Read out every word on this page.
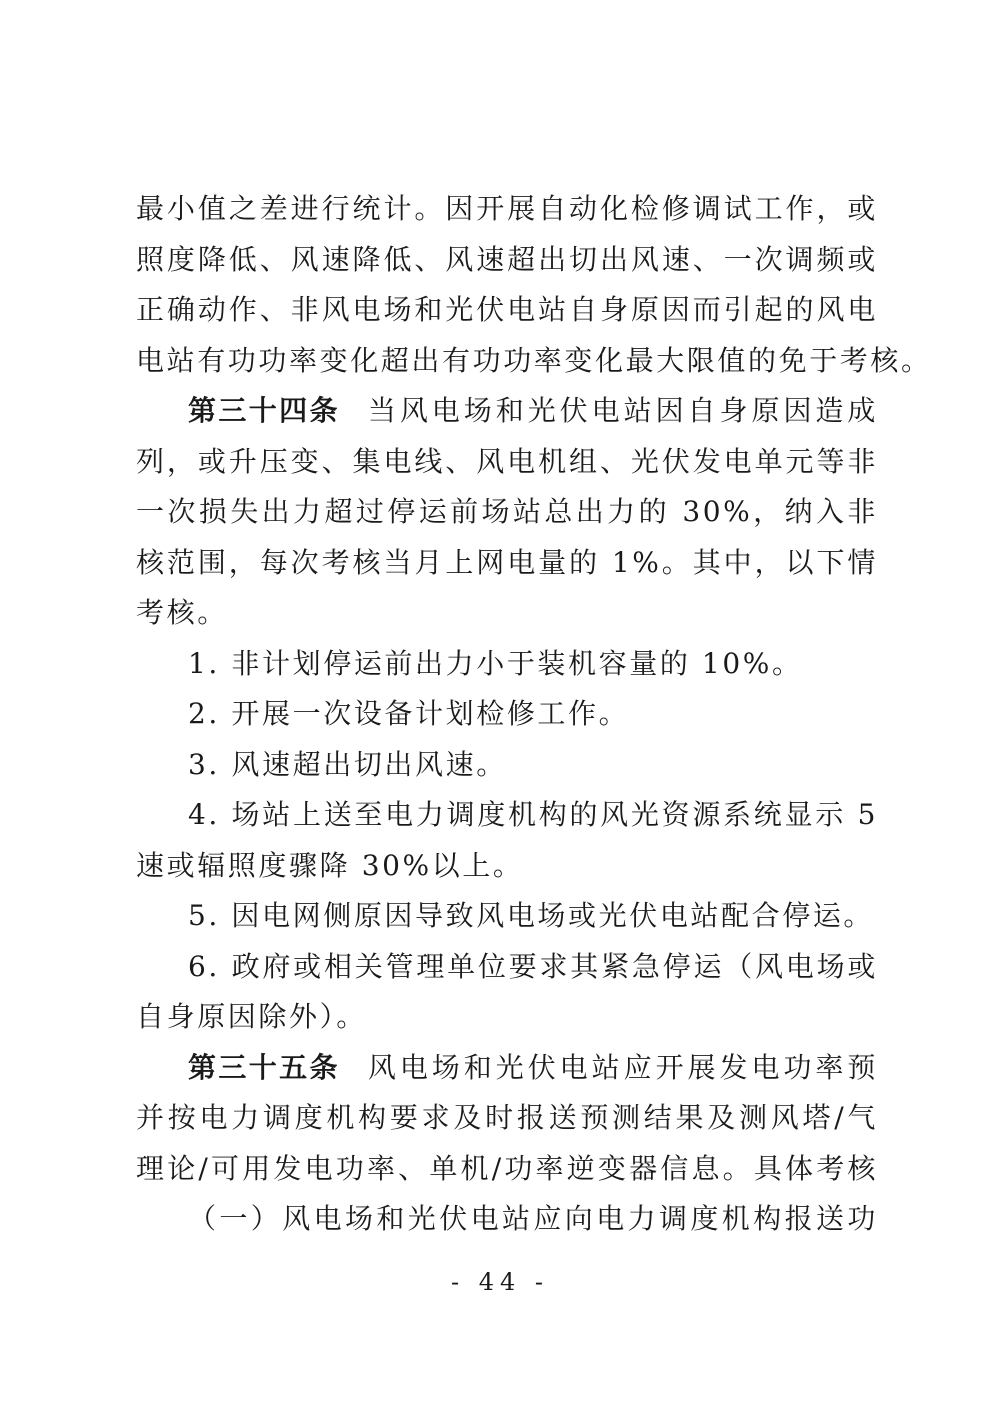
最小值之差进行统计。因开展自动化检修调试工作，或
照度降低、风速降低、风速超出切出风速、一次调频或
正确动作、非风电场和光伏电站自身原因而引起的风电
电站有功功率变化超出有功功率变化最大限值的免于考核。
第三十四条 当风电场和光伏电站因自身原因造成
列，或升压变、集电线、风电机组、光伏发电单元等非
一次损失出力超过停运前场站总出力的 30%，纳入非
核范围，每次考核当月上网电量的 1%。其中，以下情
考核。
1. 非计划停运前出力小于装机容量的 10%。
2. 开展一次设备计划检修工作。
3. 风速超出切出风速。
4. 场站上送至电力调度机构的风光资源系统显示 5
速或辐照度骤降 30%以上。
5. 因电网侧原因导致风电场或光伏电站配合停运。
6. 政府或相关管理单位要求其紧急停运（风电场或
自身原因除外）。
第三十五条 风电场和光伏电站应开展发电功率预
并按电力调度机构要求及时报送预测结果及测风塔/气
理论/可用发电功率、单机/功率逆变器信息。具体考核
（一）风电场和光伏电站应向电力调度机构报送功
- 44 -
